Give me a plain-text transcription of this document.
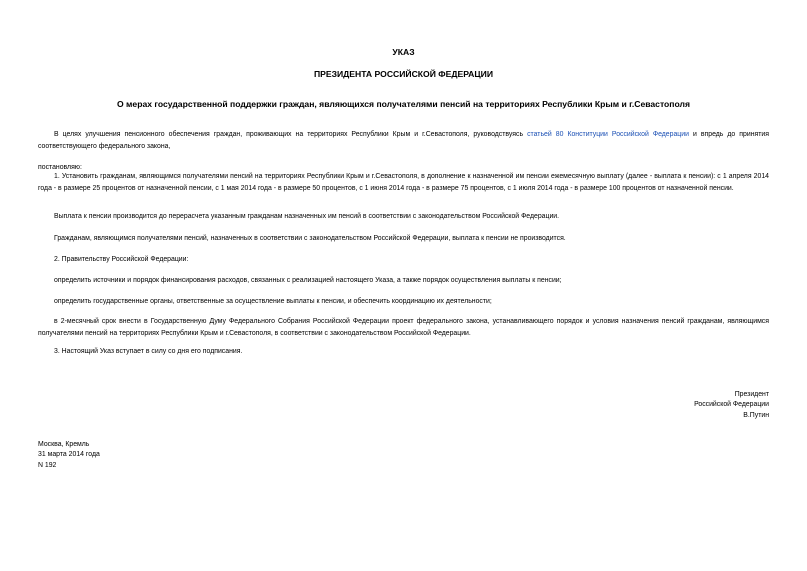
УКАЗ
ПРЕЗИДЕНТА РОССИЙСКОЙ ФЕДЕРАЦИИ
О мерах государственной поддержки граждан, являющихся получателями пенсий на территориях Республики Крым и г.Севастополя
В целях улучшения пенсионного обеспечения граждан, проживающих на территориях Республики Крым и г.Севастополя, руководствуясь статьей 80 Конституции Российской Федерации и впредь до принятия соответствующего федерального закона,
постановляю:
1. Установить гражданам, являющимся получателями пенсий на территориях Республики Крым и г.Севастополя, в дополнение к назначенной им пенсии ежемесячную выплату (далее - выплата к пенсии): с 1 апреля 2014 года - в размере 25 процентов от назначенной пенсии, с 1 мая 2014 года - в размере 50 процентов, с 1 июня 2014 года - в размере 75 процентов, с 1 июля 2014 года - в размере 100 процентов от назначенной пенсии.
Выплата к пенсии производится до перерасчета указанным гражданам назначенных им пенсий в соответствии с законодательством Российской Федерации.
Гражданам, являющимся получателями пенсий, назначенных в соответствии с законодательством Российской Федерации, выплата к пенсии не производится.
2. Правительству Российской Федерации:
определить источники и порядок финансирования расходов, связанных с реализацией настоящего Указа, а также порядок осуществления выплаты к пенсии;
определить государственные органы, ответственные за осуществление выплаты к пенсии, и обеспечить координацию их деятельности;
в 2-месячный срок внести в Государственную Думу Федерального Собрания Российской Федерации проект федерального закона, устанавливающего порядок и условия назначения пенсий гражданам, являющимся получателями пенсий на территориях Республики Крым и г.Севастополя, в соответствии с законодательством Российской Федерации.
3. Настоящий Указ вступает в силу со дня его подписания.
Президент
Российской Федерации
В.Путин
Москва, Кремль
31 марта 2014 года
N 192
